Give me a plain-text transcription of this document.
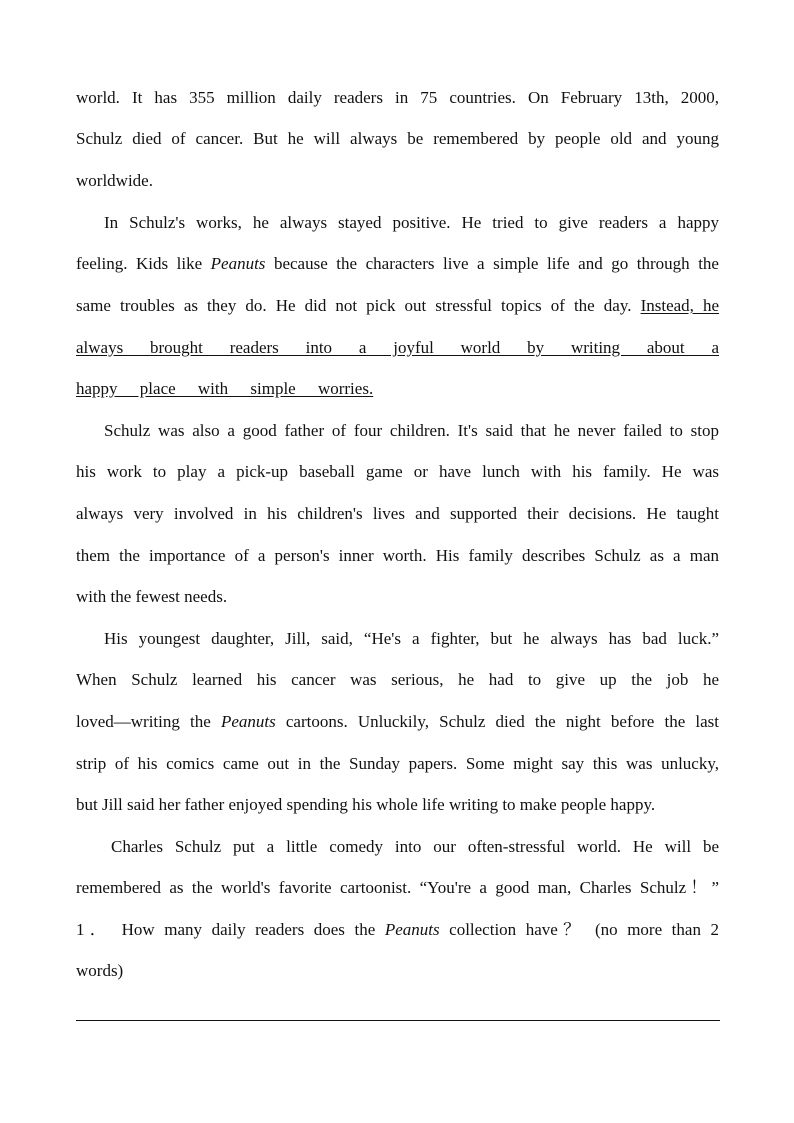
world. It has 355 million daily readers in 75 countries. On February 13th, 2000,
Schulz died of cancer. But he will always be remembered by people old and young
worldwide.
In Schulz's works, he always stayed positive. He tried to give readers a happy
feeling. Kids like Peanuts because the characters live a simple life and go through the
same troubles as they do. He did not pick out stressful topics of the day. Instead, he
always brought readers into a joyful world by writing about a
happy place with simple worries.
Schulz was also a good father of four children. It's said that he never failed to stop
his work to play a pick-up baseball game or have lunch with his family. He was
always very involved in his children's lives and supported their decisions. He taught
them the importance of a person's inner worth. His family describes Schulz as a man
with the fewest needs.
His youngest daughter, Jill, said, “He's a fighter, but he always has bad luck.”
When Schulz learned his cancer was serious, he had to give up the job he
loved—writing the Peanuts cartoons. Unluckily, Schulz died the night before the last
strip of his comics came out in the Sunday papers. Some might say this was unlucky,
but Jill said her father enjoyed spending his whole life writing to make people happy.
Charles Schulz put a little comedy into our often-stressful world. He will be
remembered as the world's favorite cartoonist. “You're a good man, Charles Schulz！”
1． How many daily readers does the Peanuts collection have？ (no more than 2
words)
